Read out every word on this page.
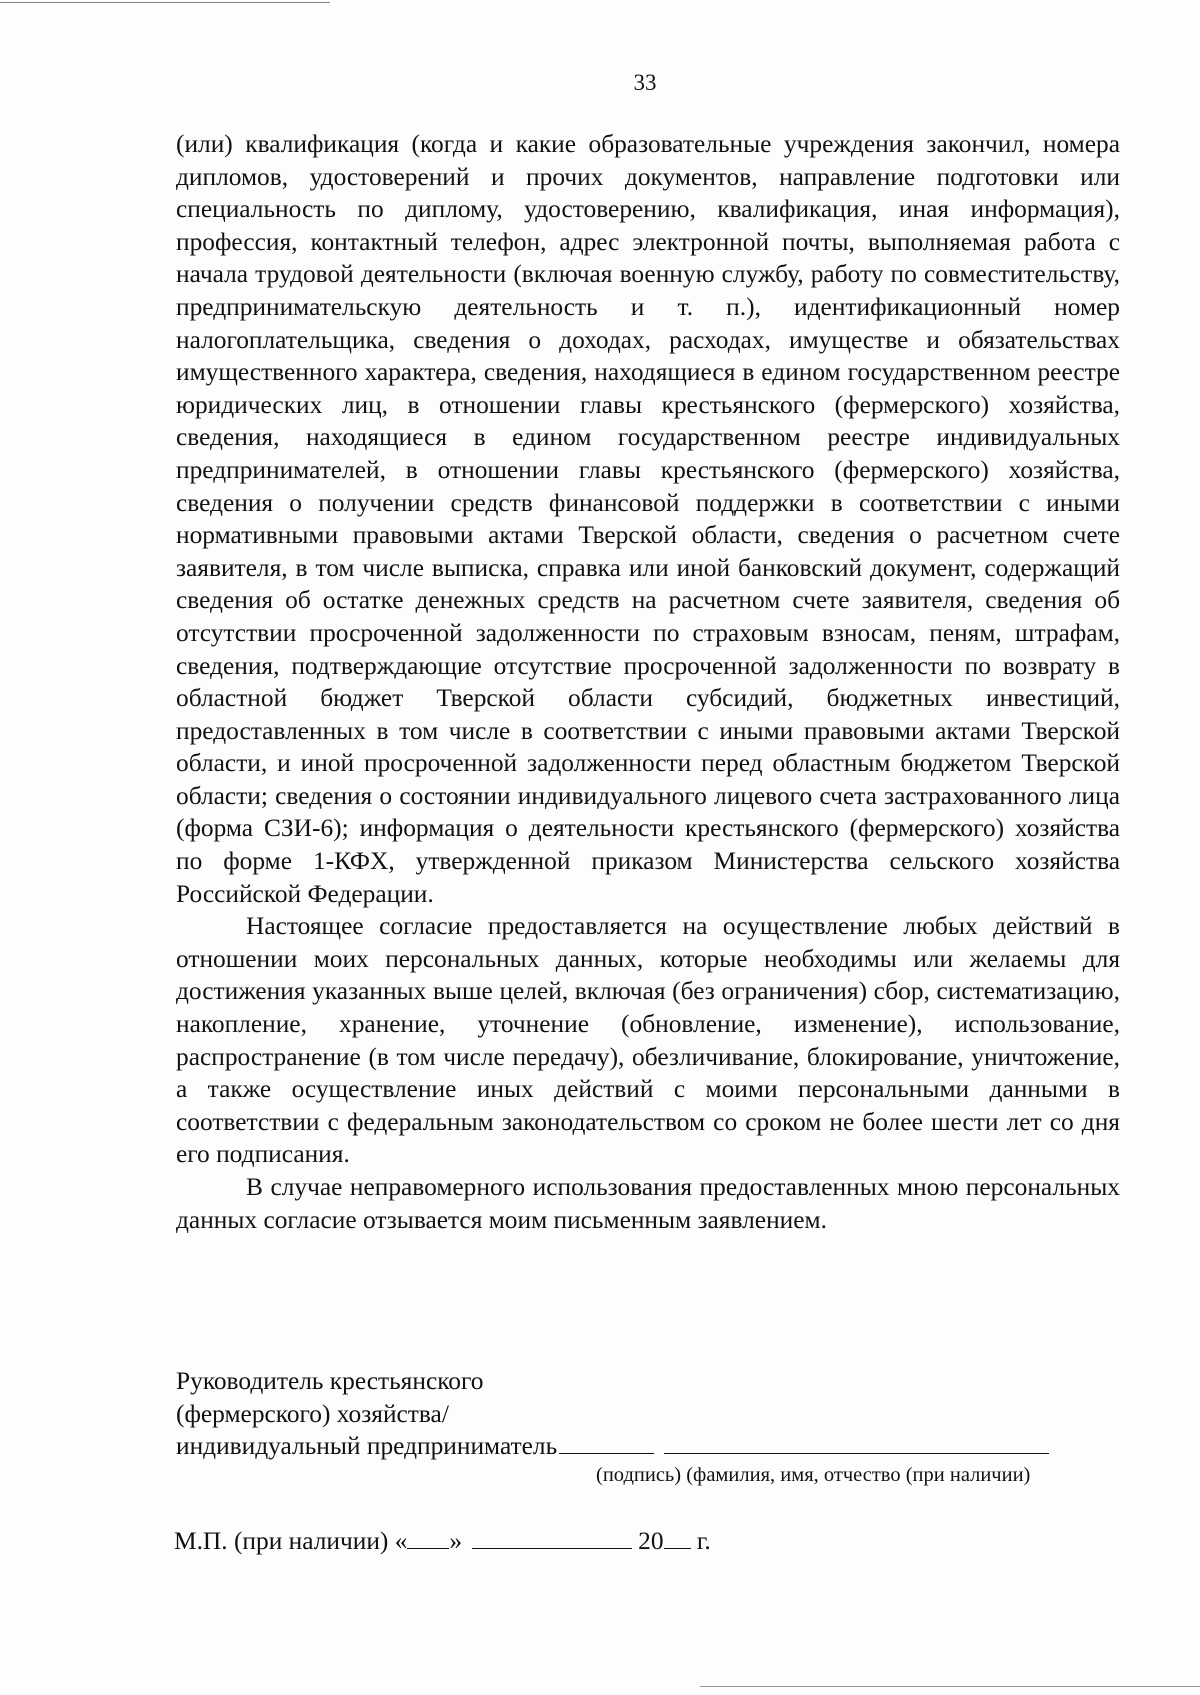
33

(или) квалификация (когда и какие образовательные учреждения закончил, номера дипломов, удостоверений и прочих документов, направление подготовки или специальность по диплому, удостоверению, квалификация, иная информация), профессия, контактный телефон, адрес электронной почты, выполняемая работа с начала трудовой деятельности (включая военную службу, работу по совместительству, предпринимательскую деятельность и т. п.), идентификационный номер налогоплательщика, сведения о доходах, расходах, имуществе и обязательствах имущественного характера, сведения, находящиеся в едином государственном реестре юридических лиц, в отношении главы крестьянского (фермерского) хозяйства, сведения, находящиеся в едином государственном реестре индивидуальных предпринимателей, в отношении главы крестьянского (фермерского) хозяйства, сведения о получении средств финансовой поддержки в соответствии с иными нормативными правовыми актами Тверской области, сведения о расчетном счете заявителя, в том числе выписка, справка или иной банковский документ, содержащий сведения об остатке денежных средств на расчетном счете заявителя, сведения об отсутствии просроченной задолженности по страховым взносам, пеням, штрафам, сведения, подтверждающие отсутствие просроченной задолженности по возврату в областной бюджет Тверской области субсидий, бюджетных инвестиций, предоставленных в том числе в соответствии с иными правовыми актами Тверской области, и иной просроченной задолженности перед областным бюджетом Тверской области; сведения о состоянии индивидуального лицевого счета застрахованного лица (форма СЗИ-6); информация о деятельности крестьянского (фермерского) хозяйства по форме 1-КФХ, утвержденной приказом Министерства сельского хозяйства Российской Федерации.

Настоящее согласие предоставляется на осуществление любых действий в отношении моих персональных данных, которые необходимы или желаемы для достижения указанных выше целей, включая (без ограничения) сбор, систематизацию, накопление, хранение, уточнение (обновление, изменение), использование, распространение (в том числе передачу), обезличивание, блокирование, уничтожение, а также осуществление иных действий с моими персональными данными в соответствии с федеральным законодательством со сроком не более шести лет со дня его подписания.

В случае неправомерного использования предоставленных мною персональных данных согласие отзывается моим письменным заявлением.

Руководитель крестьянского
(фермерского) хозяйства/
индивидуальный предприниматель
(подпись) (фамилия, имя, отчество (при наличии)
М.П. (при наличии) « »	20 г.
